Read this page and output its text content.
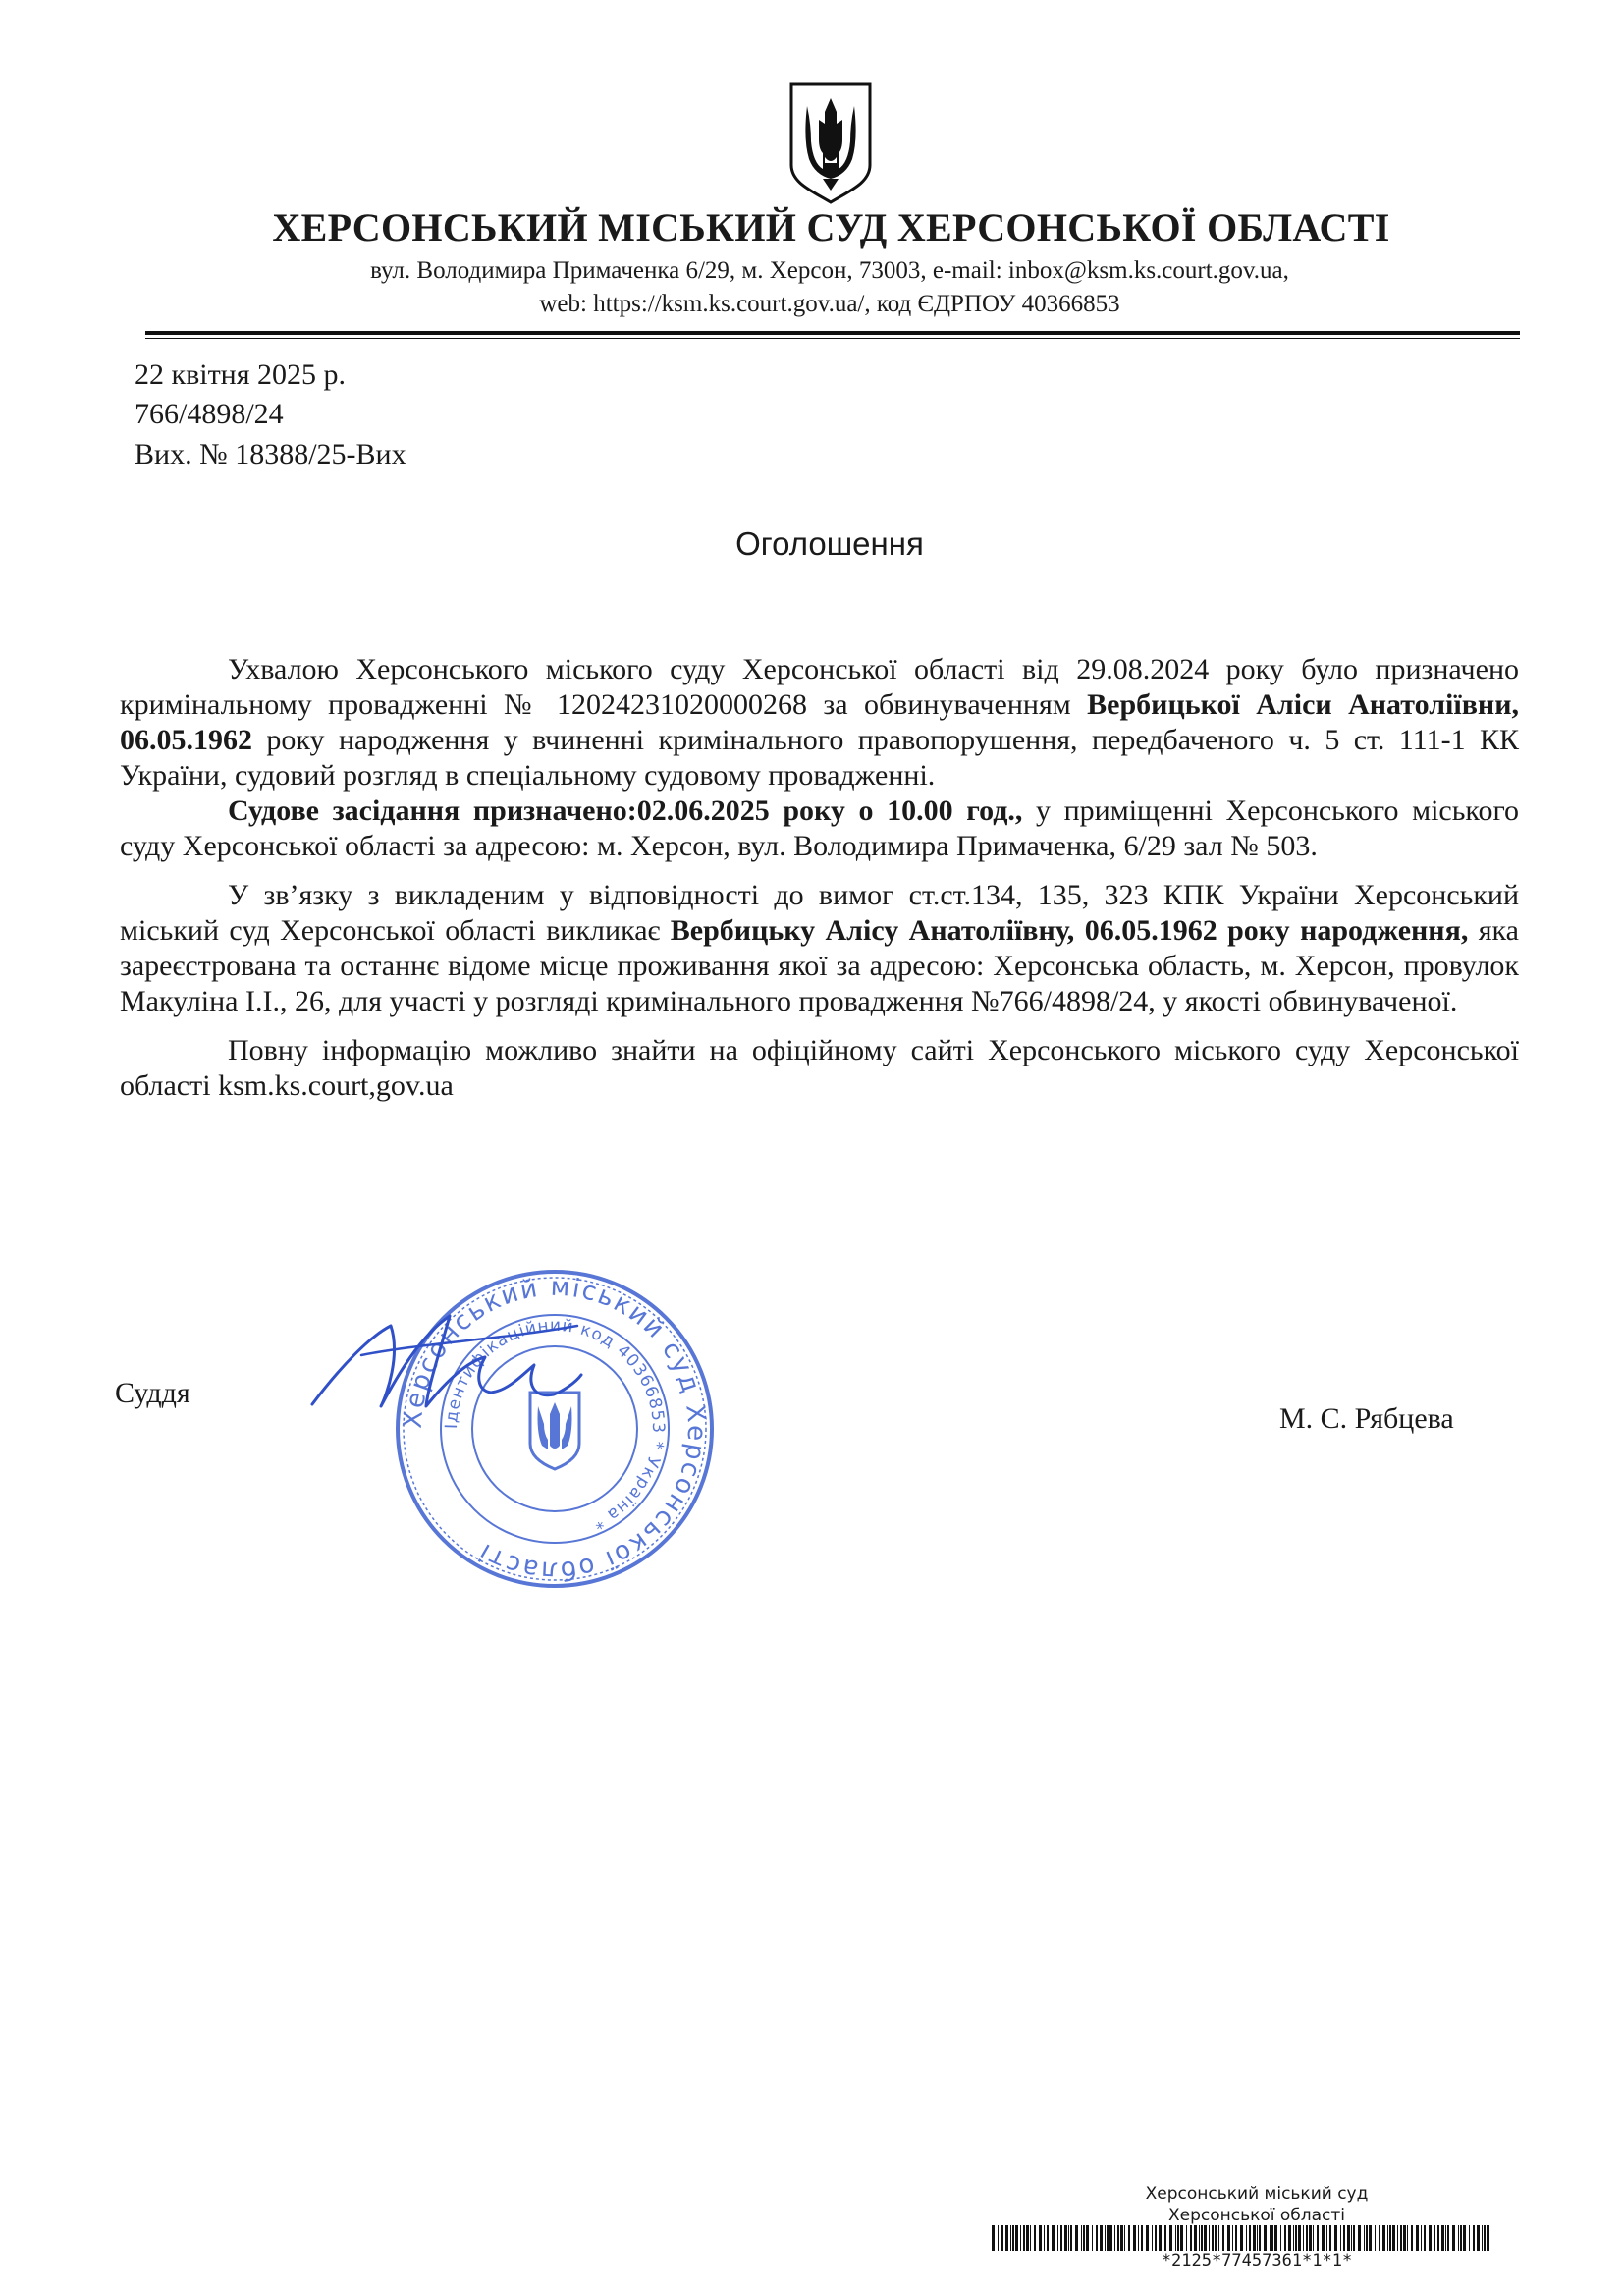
ХЕРСОНСЬКИЙ МІСЬКИЙ СУД ХЕРСОНСЬКОЇ ОБЛАСТІ
вул. Володимира Примаченка 6/29, м. Херсон, 73003, e-mail: inbox@ksm.ks.court.gov.ua,
web: https://ksm.ks.court.gov.ua/, код ЄДРПОУ 40366853
22 квітня 2025 р.
766/4898/24
Вих. № 18388/25-Вих
Оголошення

Ухвалою Херсонського міського суду Херсонської області від 29.08.2024 року було призначено кримінальному провадженні № 12024231020000268 за обвинуваченням Вербицької Аліси Анатоліївни, 06.05.1962 року народження у вчиненні кримінального правопорушення, передбаченого ч. 5 ст. 111-1 КК України, судовий розгляд в спеціальному судовому провадженні.

Судове засідання призначено:02.06.2025 року о 10.00 год., у приміщенні Херсонського міського суду Херсонської області за адресою: м. Херсон, вул. Володимира Примаченка, 6/29 зал № 503.

У зв’язку з викладеним у відповідності до вимог ст.ст.134, 135, 323 КПК України Херсонський міський суд Херсонської області викликає Вербицьку Алісу Анатоліївну, 06.05.1962 року народження, яка зареєстрована та останнє відоме місце проживання якої за адресою: Херсонська область, м. Херсон, провулок Макуліна І.І., 26, для участі у розгляді кримінального провадження №766/4898/24, у якості обвинуваченої.

Повну інформацію можливо знайти на офіційному сайті Херсонського міського суду Херсонської області ksm.ks.court,gov.ua

Суддя
М. С. Рябцева
Херсонський міський суд Херсонської області
Ідентифікаційний код 40366853 * Україна *
Херсонський міський суд
Херсонської області
*2125*77457361*1*1*
